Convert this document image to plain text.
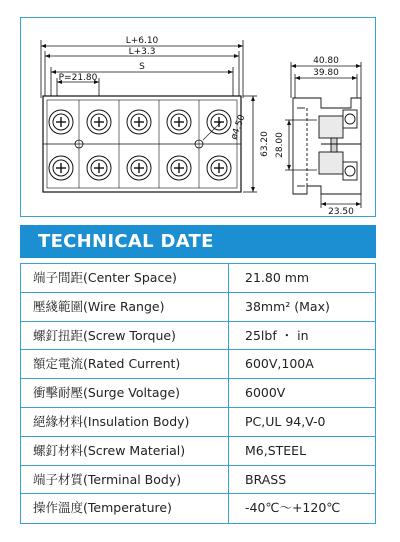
L+6.10
L+3.3
S
P=21.80
ø4.50
63.20
40.80
39.80
28.00
23.50
TECHNICAL DATE
端子間距(Center Space)	21.80 mm
壓綫範圍(Wire Range)	38mm² (Max)
螺釘扭距(Screw Torque)	25lbf ・ in
額定電流(Rated Current)	600V,100A
衝擊耐壓(Surge Voltage)	6000V
絕緣材料(Insulation Body)	PC,UL 94,V-0
螺釘材料(Screw Material)	M6,STEEL
端子材質(Terminal Body)	BRASS
操作溫度(Temperature)	-40℃～+120℃
